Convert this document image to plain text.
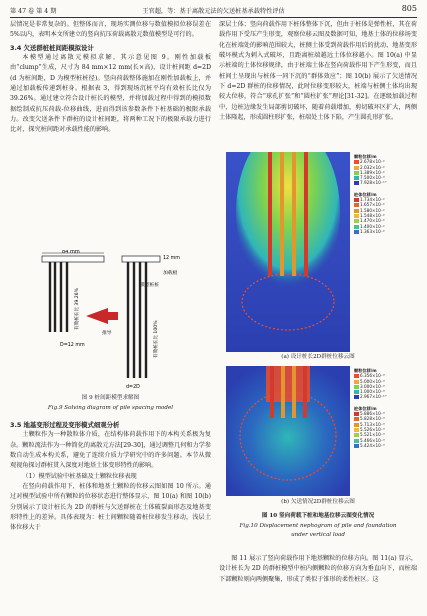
第 47 卷 第 4 期	王官超，等：基于离散元法的欠送桩基承载特性评估	805

层情况是非常复杂的。但整体而言，现场实测位移与数值模拟位移误差在5%以内，表明本文所建立的竖向抗压荷载离散元数值模型是可行的。

3.4 欠送群桩桩间距模拟设计

本模型通过离散元模拟求解，其示意见图 9。刚性加载板由“clump”生成，尺寸为 84 mm×12 mm(长×高)，设计桩间距 d=2D (d 为桩间距，D 为模型桩桩径)。竖向荷载整体施加在刚性加载板上，并通过加载板传递到桩身。根据表 3，得到现场沉桩平均有效桩长比仅为 39.26%。通过建立符合设计桩长的模型，并将加载过程中得到的模拟数据绘制成抗压荷载-位移曲线，进而得到该参数条件下桩基础的极限承载力。改变欠送条件下群桩的设计桩间距，将两种工况下的极限承载力进行比对，探究桩间距对承载性能的影响。

84 mm
有效桩长比 39.26%
D=12 mm
12 mm
加载板
模型桩桩
有效桩长比 100%
d=2D
推导
图 9 桩间距模型求解图
Fig.9 Solving diagram of pile spacing model
3.5 地基变形过程及变形模式细观分析

土颗粒作为一种散粒体介质，在结构体荷载作用下的本构关系极为复杂。颗粒流法作为一种简化的离散元方法[29-30]，通过调整几何和力学参数自动生成本构关系，避免了连续介质力学研究中的许多问题。本节从微观视角探讨群桩贯入深度对地基土体变形特性的影响。

（1）模型试验中桩基础及土颗粒位移表现

在竖向荷载作用下，桩体和地基土颗粒的位移云图如图 10 所示。通过对模型试验中所有颗粒的位移状态进行整体显示，图 10(a) 和图 10(b) 分别展示了设计桩长为 2D 的群桩与欠送群桩在土体破裂面形态及地基变形特性上的差异。具体表现为：桩土间颗粒随着桩位移发生移动，浅层土体位移大于

深层土体；竖向荷载作用下桩体整体下沉，但由于桩体是弹性桩，其在荷载作用下受压产生形变，观察位移云图及数据可知，地基土体的位移场变化在桩端处的影响范围较大，桩侧土体受到荷载作用后的扰动、地基变形破坏模式为刺入式破坏，且距离桩端越远土体位移越小。图 10(a) 中显示桩端的土体位移规律，由于桩端土体在竖向荷载作用下产生形变，而且桩间土呈现出与桩体一同下沉的“群体效应”；图 10(b) 展示了欠送情况下 d=2D 群桩的位移情况，此时位移变形较大，桩端与桩侧土体均出现较大位移，符合“球孔扩张”和“圆柱扩张”理论[31-32]。在逐级加载过程中，边桩边缘发生局部剪切破坏，随着荷载增加，剪切破坏区扩大，两侧土体隆起，形成圆柱形扩张，桩端处土体下陷，产生圆孔形扩张。

颗粒位移/m
2.678×10⁻²
2.032×10⁻²
1.389×10⁻²
7.500×10⁻³
7.928×10⁻¹⁰
桩体位移/m
1.734×10⁻²
1.657×10⁻²
1.580×10⁻²
1.548×10⁻²
1.470×10⁻²
1.400×10⁻²
1.363×10⁻²
(a) 设计桩长2D群桩位移云图
颗粒位移/m
6.356×10⁻³
5.000×10⁻³
3.000×10⁻³
1.000×10⁻³
2.967×10⁻¹⁰
桩体位移/m
5.886×10⁻³
5.828×10⁻³
5.713×10⁻³
5.526×10⁻³
5.521×10⁻³
5.466×10⁻³
5.424×10⁻³
(b) 欠送情况2D群桩位移云图
图 10 竖向荷载下桩和地基位移云图变化情况
Fig.10 Displacement nephogram of pile and foundation
under vertical load

图 11 展示了竖向荷载作用下地基颗粒的位移方向。图 11(a) 显示，设计桩长为 2D 的群桩模型中桩内侧颗粒的位移方向为垂直向下，而桩端下部颗粒则向两侧聚集，形成了类似于锥形的柔性桩区。这
